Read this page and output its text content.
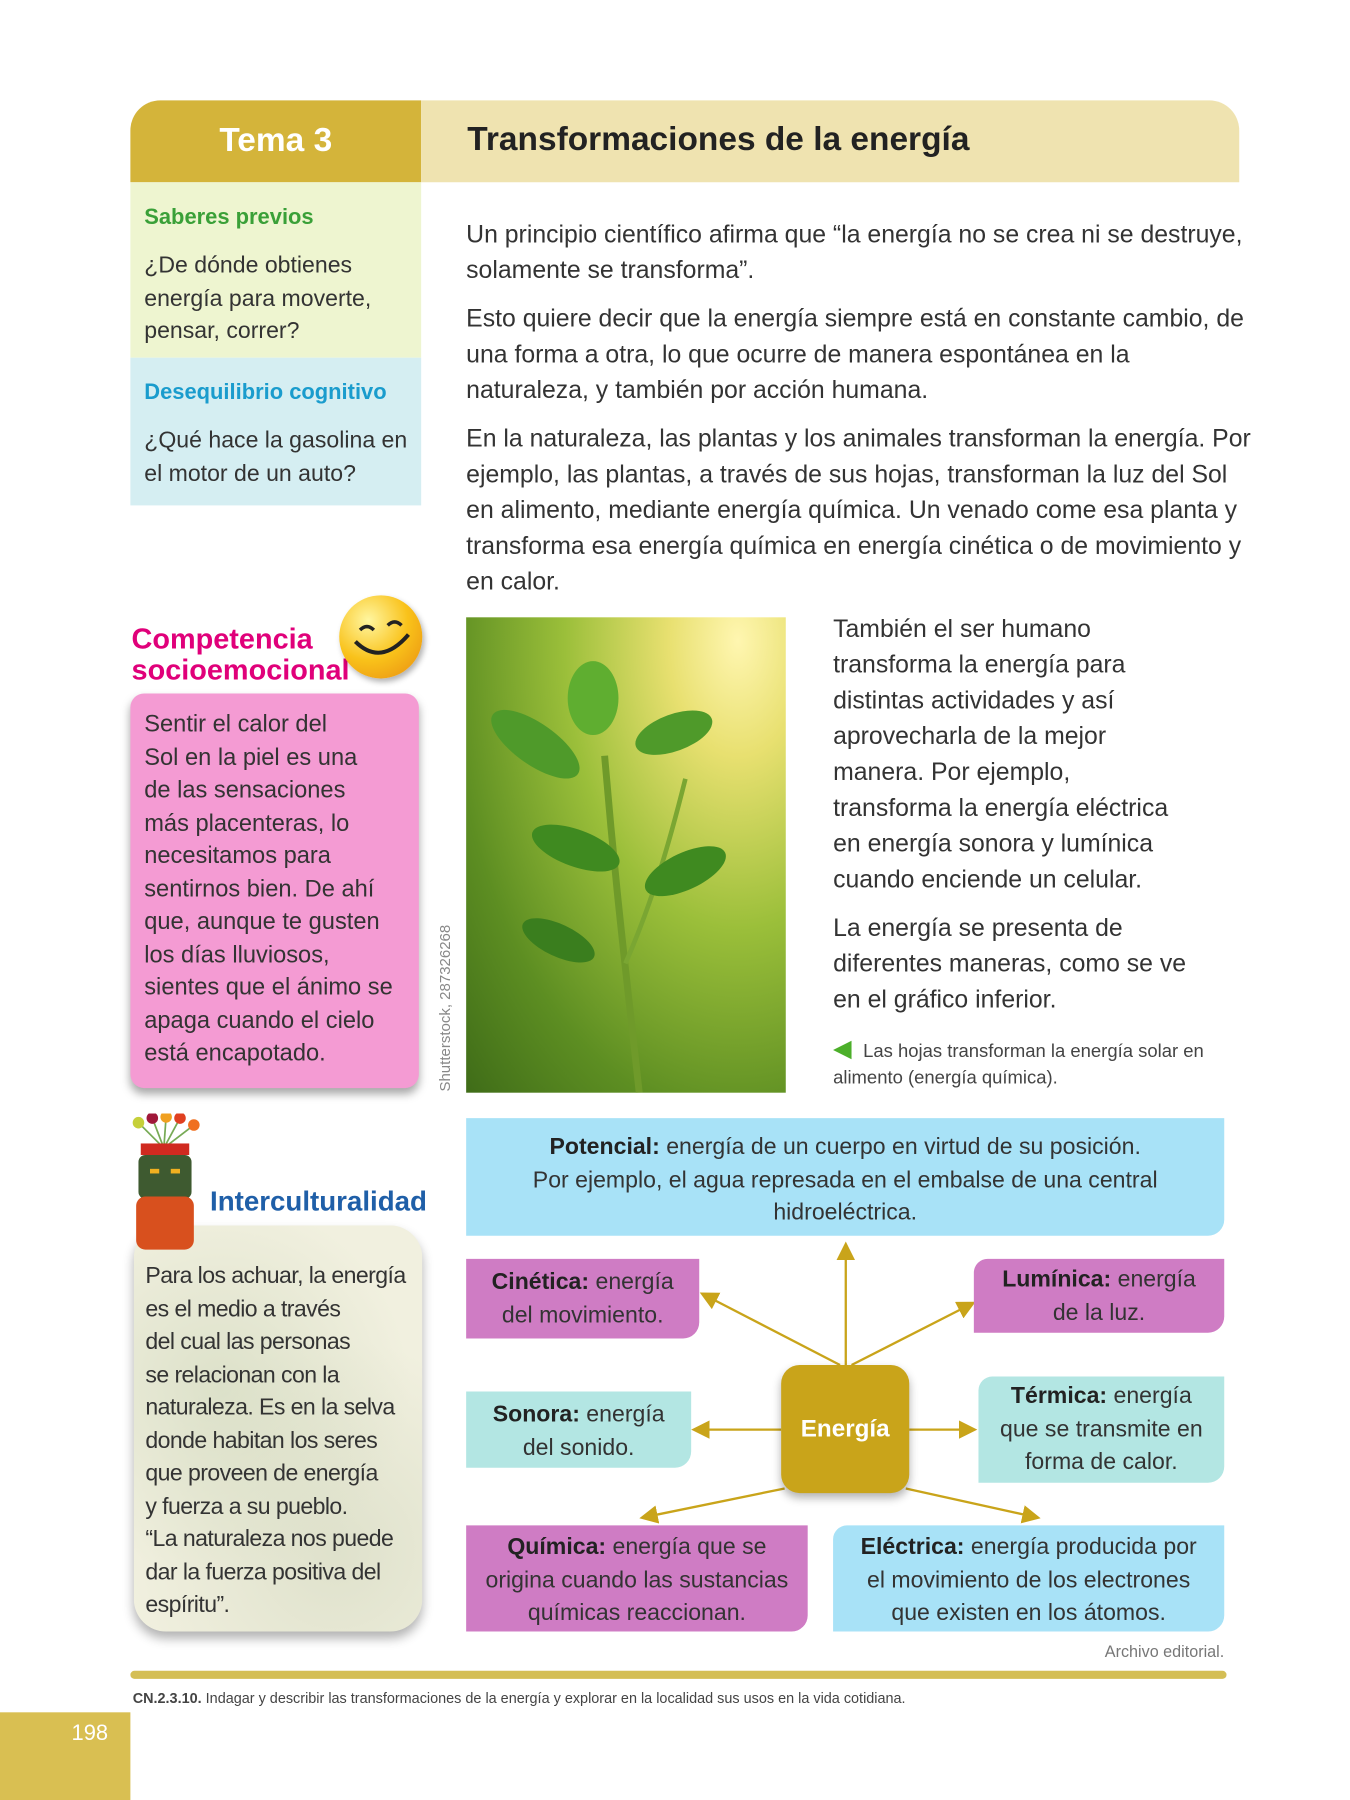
Tema 3	Transformaciones de la energía
Saberes previos
¿De dónde obtienes
energía para moverte,
pensar, correr?
Desequilibrio cognitivo
¿Qué hace la gasolina en
el motor de un auto?

Un principio científico afirma que “la energía no se crea ni se destruye, solamente se transforma”.

Esto quiere decir que la energía siempre está en constante cambio, de una forma a otra, lo que ocurre de manera espontánea en la naturaleza, y también por acción humana.

En la naturaleza, las plantas y los animales transforman la energía. Por ejemplo, las plantas, a través de sus hojas, transforman la luz del Sol en alimento, mediante energía química. Un venado come esa planta y transforma esa energía química en energía cinética o de movimiento y en calor.

Shutterstock, 287326268

También el ser humano
transforma la energía para
distintas actividades y así
aprovecharla de la mejor
manera. Por ejemplo,
transforma la energía eléctrica
en energía sonora y lumínica
cuando enciende un celular.

La energía se presenta de
diferentes maneras, como se ve
en el gráfico inferior.

Las hojas transforman la energía solar en alimento (energía química).
Competencia
socioemocional
Sentir el calor del
Sol en la piel es una
de las sensaciones
más placenteras, lo
necesitamos para
sentirnos bien. De ahí
que, aunque te gusten
los días lluviosos,
sientes que el ánimo se
apaga cuando el cielo
está encapotado.
Para los achuar, la energía
es el medio a través
del cual las personas
se relacionan con la
naturaleza. Es en la selva
donde habitan los seres
que proveen de energía
y fuerza a su pueblo.
“La naturaleza nos puede
dar la fuerza positiva del
espíritu”.
Interculturalidad
Potencial: energía de un cuerpo en virtud de su posición.
Por ejemplo, el agua represada en el embalse de una central
hidroeléctrica.
Cinética: energía
del movimiento.
Lumínica: energía
de la luz.
Sonora: energía
del sonido.
Térmica: energía
que se transmite en
forma de calor.
Química: energía que se
origina cuando las sustancias
químicas reaccionan.
Eléctrica: energía producida por
el movimiento de los electrones
que existen en los átomos.
Energía
Archivo editorial.
CN.2.3.10. Indagar y describir las transformaciones de la energía y explorar en la localidad sus usos en la vida cotidiana.
198
